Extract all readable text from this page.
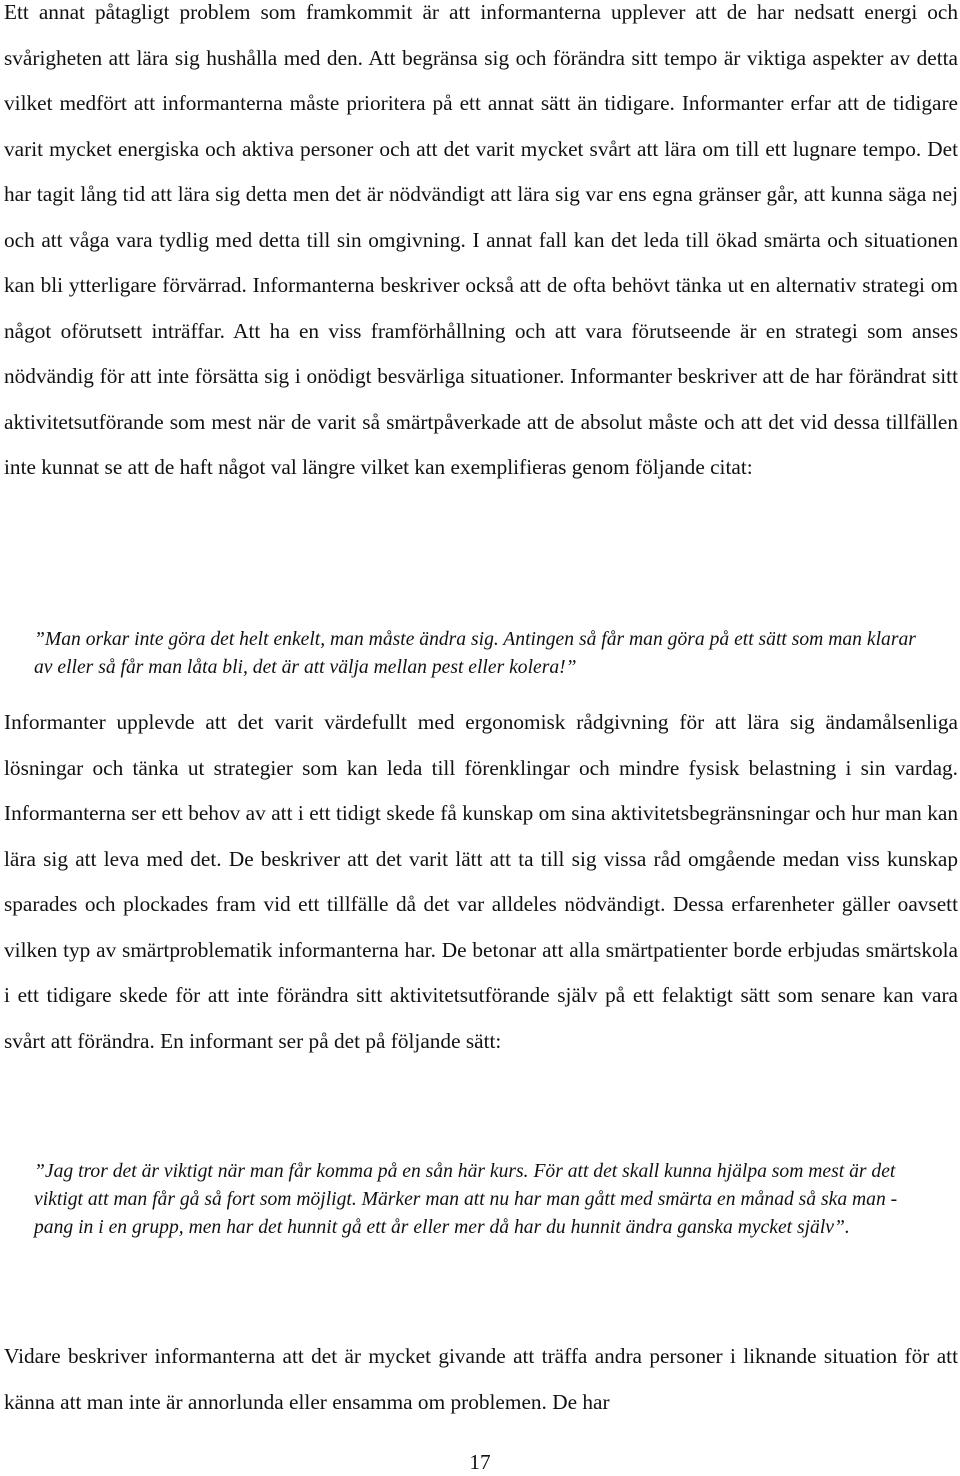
Ett annat påtagligt problem som framkommit är att informanterna upplever att de har nedsatt energi och svårigheten att lära sig hushålla med den. Att begränsa sig och förändra sitt tempo är viktiga aspekter av detta vilket medfört att informanterna måste prioritera på ett annat sätt än tidigare. Informanter erfar att de tidigare varit mycket energiska och aktiva personer och att det varit mycket svårt att lära om till ett lugnare tempo. Det har tagit lång tid att lära sig detta men det är nödvändigt att lära sig var ens egna gränser går, att kunna säga nej och att våga vara tydlig med detta till sin omgivning. I annat fall kan det leda till ökad smärta och situationen kan bli ytterligare förvärrad. Informanterna beskriver också att de ofta behövt tänka ut en alternativ strategi om något oförutsett inträffar. Att ha en viss framförhållning och att vara förutseende är en strategi som anses nödvändig för att inte försätta sig i onödigt besvärliga situationer. Informanter beskriver att de har förändrat sitt aktivitetsutförande som mest när de varit så smärtpåverkade att de absolut måste och att det vid dessa tillfällen inte kunnat se att de haft något val längre vilket kan exemplifieras genom följande citat:

”Man orkar inte göra det helt enkelt, man måste ändra sig. Antingen så får man göra på ett sätt som man klarar av eller så får man låta bli, det är att välja mellan pest eller kolera!”

Informanter upplevde att det varit värdefullt med ergonomisk rådgivning för att lära sig ändamålsenliga lösningar och tänka ut strategier som kan leda till förenklingar och mindre fysisk belastning i sin vardag. Informanterna ser ett behov av att i ett tidigt skede få kunskap om sina aktivitetsbegränsningar och hur man kan lära sig att leva med det. De beskriver att det varit lätt att ta till sig vissa råd omgående medan viss kunskap sparades och plockades fram vid ett tillfälle då det var alldeles nödvändigt. Dessa erfarenheter gäller oavsett vilken typ av smärtproblematik informanterna har. De betonar att alla smärtpatienter borde erbjudas smärtskola i ett tidigare skede för att inte förändra sitt aktivitetsutförande själv på ett felaktigt sätt som senare kan vara svårt att förändra. En informant ser på det på följande sätt:

”Jag tror det är viktigt när man får komma på en sån här kurs. För att det skall kunna hjälpa som mest är det viktigt att man får gå så fort som möjligt. Märker man att nu har man gått med smärta en månad så ska man -pang in i en grupp, men har det hunnit gå ett år eller mer då har du hunnit ändra ganska mycket själv”.

Vidare beskriver informanterna att det är mycket givande att träffa andra personer i liknande situation för att känna att man inte är annorlunda eller ensamma om problemen. De har

17
